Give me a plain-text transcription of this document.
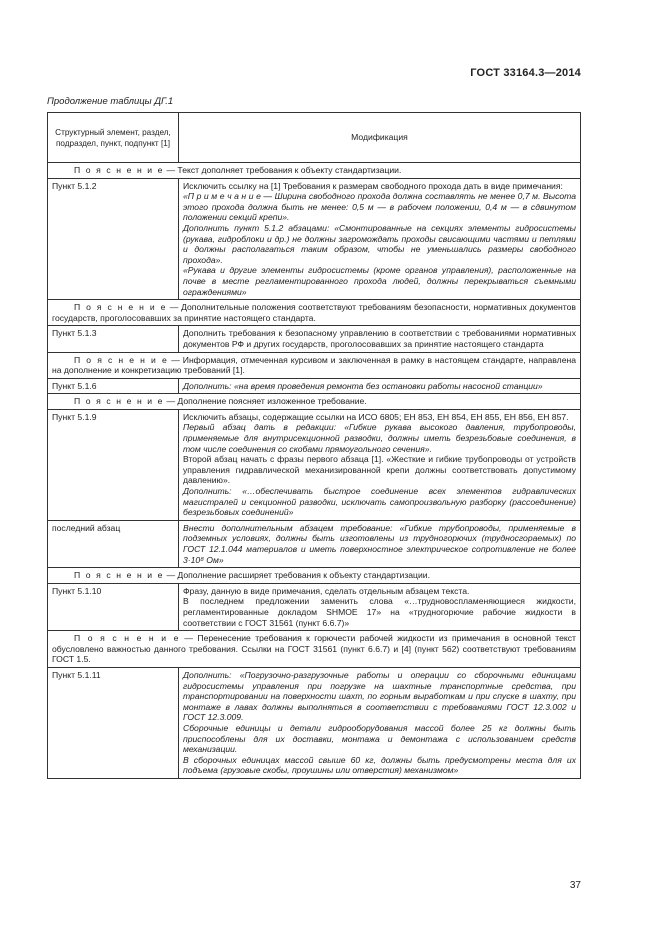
ГОСТ 33164.3—2014
Продолжение таблицы ДГ.1
Структурный элемент, раздел, подраздел, пункт, подпункт [1]	Модификация
П о я с н е н и е — Текст дополняет требования к объекту стандартизации.	
Пункт 5.1.2	Исключить ссылку на [1] Требования к размерам свободного прохода дать в виде примечания:

«П р и м е ч а н и е — Ширина свободного прохода должна составлять не менее 0,7 м. Высота этого прохода должна быть не менее: 0,5 м — в рабочем положении, 0,4 м — в сдвинутом положении секций крепи».

Дополнить пункт 5.1.2 абзацами: «Смонтированные на секциях элементы гидросистемы (рукава, гидроблоки и др.) не должны загромождать проходы свисающими частями и петлями и должны располагаться таким образом, чтобы не уменьшались размеры свободного прохода».

«Рукава и другие элементы гидросистемы (кроме органов управления), расположенные на почве в месте регламентированного прохода людей, должны перекрываться съемными ограждениями»

П о я с н е н и е — Дополнительные положения соответствуют требованиям безопасности, нормативных документов государств, проголосовавших за принятие настоящего стандарта.	
Пункт 5.1.3	Дополнить требования к безопасному управлению в соответствии с требованиями нормативных документов РФ и других государств, проголосовавших за принятие настоящего стандарта

П о я с н е н и е — Информация, отмеченная курсивом и заключенная в рамку в настоящем стандарте, направлена на дополнение и конкретизацию требований [1].	
Пункт 5.1.6	Дополнить: «на время проведения ремонта без остановки работы насосной станции»

П о я с н е н и е — Дополнение поясняет изложенное требование.	
Пункт 5.1.9	Исключить абзацы, содержащие ссылки на ИСО 6805; ЕН 853, ЕН 854, ЕН 855, ЕН 856, ЕН 857.

Первый абзац дать в редакции: «Гибкие рукава высокого давления, трубопроводы, применяемые для внутрисекционной разводки, должны иметь безрезьбовые соединения, в том числе соединения со скобами прямоугольного сечения».

Второй абзац начать с фразы первого абзаца [1]. «Жесткие и гибкие трубопроводы от устройств управления гидравлической механизированной крепи должны соответствовать допустимому давлению».

Дополнить: «…обеспечивать быстрое соединение всех элементов гидравлических магистралей и секционной разводки, исключать самопроизвольную разборку (рассоединение) безрезьбовых соединений»

последний абзац	Внести дополнительным абзацем требование: «Гибкие трубопроводы, применяемые в подземных условиях, должны быть изготовлены из трудногорючих (трудносгораемых) по ГОСТ 12.1.044 материалов и иметь поверхностное электрическое сопротивление не более 3·10⁸ Ом»

П о я с н е н и е — Дополнение расширяет требования к объекту стандартизации.	
Пункт 5.1.10	Фразу, данную в виде примечания, сделать отдельным абзацем текста.

В последнем предложении заменить слова «…трудновоспламеняющиеся жидкости, регламентированные докладом SHMOE 17» на «трудногорючие рабочие жидкости в соответствии с ГОСТ 31561 (пункт 6.6.7)»

П о я с н е н и е — Перенесение требования к горючести рабочей жидкости из примечания в основной текст обусловлено важностью данного требования. Ссылки на ГОСТ 31561 (пункт 6.6.7) и [4] (пункт 562) соответствуют требованиям ГОСТ 1.5.	
Пункт 5.1.11	Дополнить: «Погрузочно-разгрузочные работы и операции со сборочными единицами гидросистемы управления при погрузке на шахтные транспортные средства, при транспортировании на поверхности шахт, по горным выработкам и при спуске в шахту, при монтаже в лавах должны выполняться в соответствии с требованиями ГОСТ 12.3.002 и ГОСТ 12.3.009.

Сборочные единицы и детали гидрооборудования массой более 25 кг должны быть приспособлены для их доставки, монтажа и демонтажа с использованием средств механизации.

В сборочных единицах массой свыше 60 кг, должны быть предусмотрены места для их подъема (грузовые скобы, проушины или отверстия) механизмом»

37
